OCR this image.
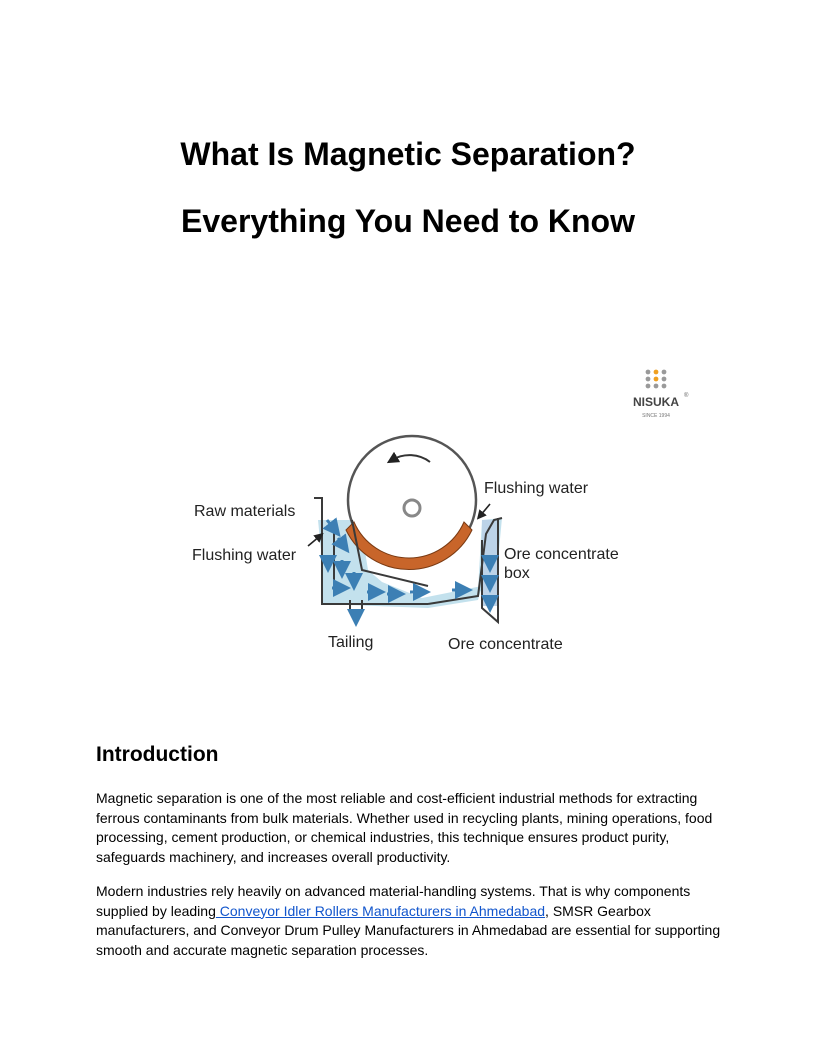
What Is Magnetic Separation?
Everything You Need to Know
NISUKA ®
SINCE 1994
Raw materials
Flushing water
Flushing water
Ore concentrate
box
Tailing	Ore concentrate
Introduction

Magnetic separation is one of the most reliable and cost-efficient industrial methods for extracting ferrous contaminants from bulk materials. Whether used in recycling plants, mining operations, food processing, cement production, or chemical industries, this technique ensures product purity, safeguards machinery, and increases overall productivity.

Modern industries rely heavily on advanced material-handling systems. That is why components supplied by leading Conveyor Idler Rollers Manufacturers in Ahmedabad, SMSR Gearbox manufacturers, and Conveyor Drum Pulley Manufacturers in Ahmedabad are essential for supporting smooth and accurate magnetic separation processes.
